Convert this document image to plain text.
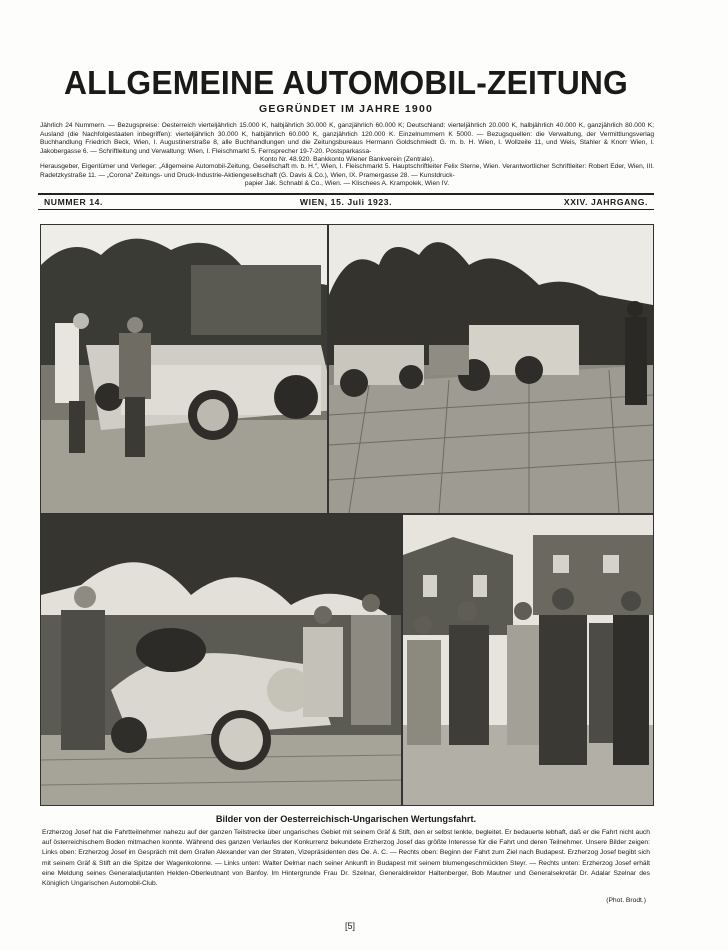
ALLGEMEINE AUTOMOBIL-ZEITUNG
GEGRÜNDET IM JAHRE 1900
Jährlich 24 Nummern. — Bezugspreise: Oesterreich vierteljährlich 15.000 K, halbjährlich 30.000 K, ganzjährlich 60.000 K; Deutschland: vierteljährlich 20.000 K, halbjährlich 40.000 K, ganzjährlich 80.000 K; Ausland (die Nachfolgestaaten inbegriffen): vierteljährlich 30.000 K, halbjährlich 60.000 K, ganzjährlich 120.000 K. Einzelnummern K 5000. — Bezugsquellen: die Verwaltung, der Vermittlungsverlag Buchhandlung Friedrich Beck, Wien, I. Augustinerstraße 8, alle Buchhandlungen und die Zeitungsbureaus Hermann Goldschmiedt G. m. b. H. Wien, I. Wollzeile 11, und Weis, Stahler & Knorr Wien, I. Jakobergasse 6. — Schriftleitung und Verwaltung: Wien, I. Fleischmarkt 5. Fernsprecher 19-7-20. Postsparkassa-
Konto Nr. 48.920. Bankkonto Wiener Bankverein (Zentrale).
Herausgeber, Eigentümer und Verleger: „Allgemeine Automobil-Zeitung, Gesellschaft m. b. H.“, Wien, I. Fleischmarkt 5. Hauptschriftleiter Felix Sterne, Wien. Verantwortlicher Schriftleiter: Robert Eder, Wien, III. Radetzkystraße 11. — „Corona“ Zeitungs- und Druck-Industrie-Aktiengesellschaft (G. Davis & Co.), Wien, IX. Pramergasse 28. — Kunstdruck-
papier Jak. Schnabl & Co., Wien. — Klischees A. Krampolek, Wien IV.
NUMMER 14.	WIEN, 15. Juli 1923.	XXIV. JAHRGANG.
Bilder von der Oesterreichisch-Ungarischen Wertungsfahrt.
Erzherzog Josef hat die Fahrtteilnehmer nahezu auf der ganzen Teilstrecke über ungarisches Gebiet mit seinem Gräf & Stift, den er selbst lenkte, begleitet. Er bedauerte lebhaft, daß er die Fahrt nicht auch auf österreichischem Boden mitmachen konnte. Während des ganzen Verlaufes der Konkurrenz bekundete Erzherzog Josef das größte Interesse für die Fahrt und deren Teilnehmer. Unsere Bilder zeigen: Links oben: Erzherzog Josef im Gespräch mit dem Grafen Alexander van der Straten, Vizepräsidenten des Oe. A. C. — Rechts oben: Beginn der Fahrt zum Ziel nach Budapest. Erzherzog Josef begibt sich mit seinem Gräf & Stift an die Spitze der Wagenkolonne. — Links unten: Walter Delmar nach seiner Ankunft in Budapest mit seinem blumengeschmückten Steyr. — Rechts unten: Erzherzog Josef erhält eine Meldung seines Generaladjutanten Helden-Oberleutnant von Banfoy. Im Hintergrunde Frau Dr. Szelnar, Generaldirektor Haltenberger, Bob Mautner und Generalsekretär Dr. Adalar Szelnar des Königlich Ungarischen Automobil-Club.
(Phot. Brodt.)
[5]
